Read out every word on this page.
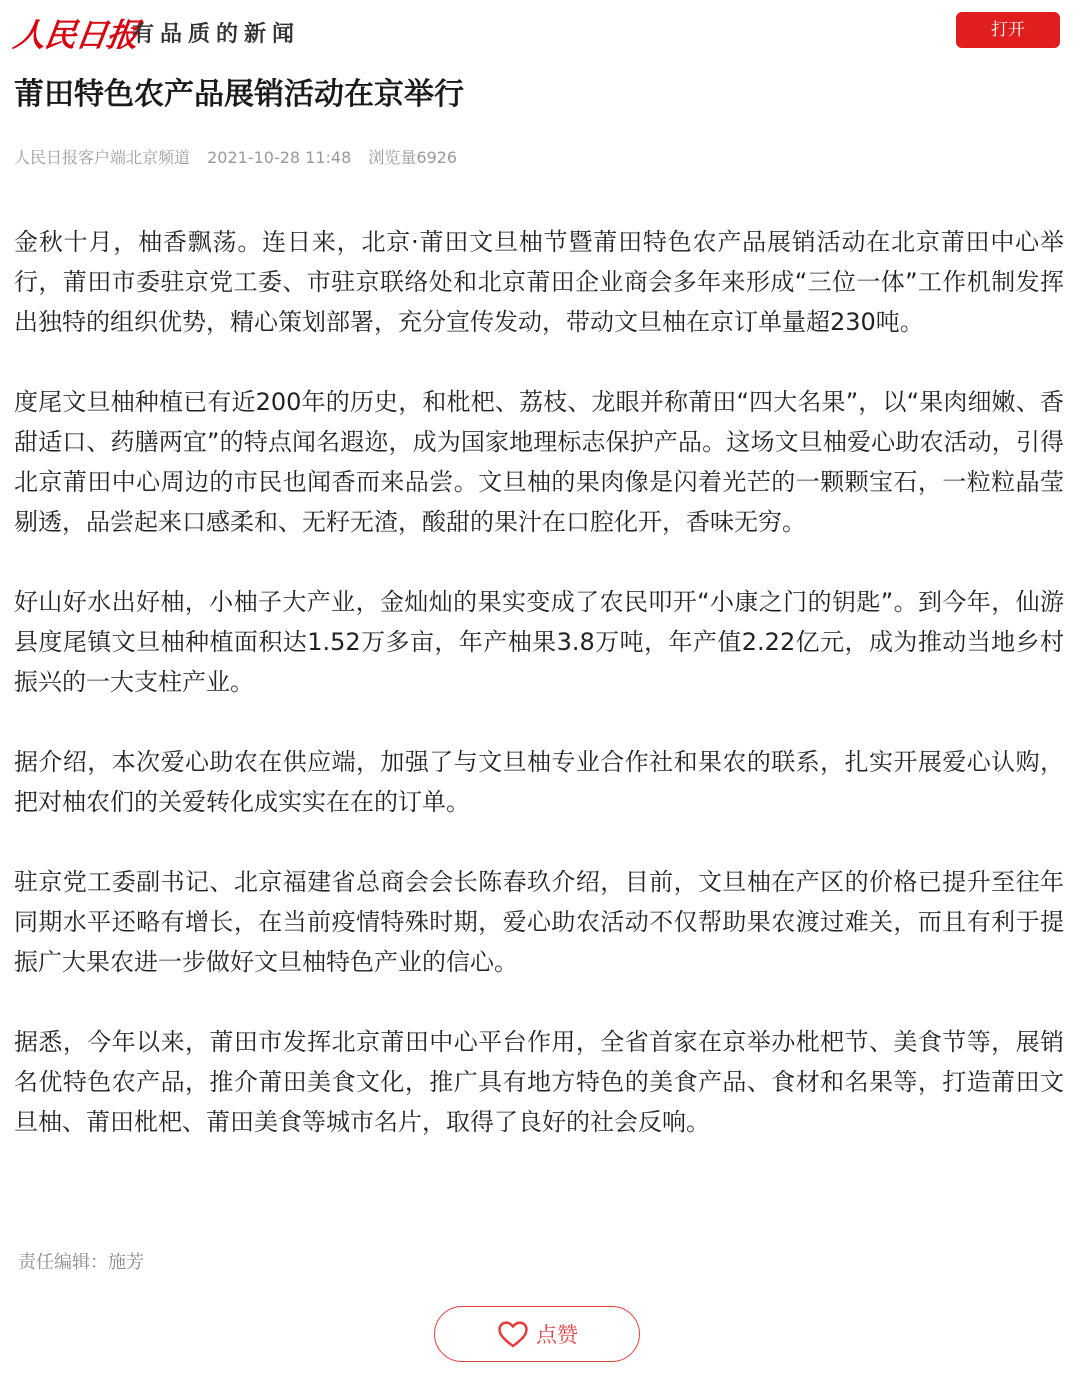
人民日报
有品质的新闻	打开
莆田特色农产品展销活动在京举行
人民日报客户端北京频道 2021-10-28 11:48 浏览量6926

金秋十月，柚香飘荡。连日来，北京·莆田文旦柚节暨莆田特色农产品展销活动在北京莆田中心举行，莆田市委驻京党工委、市驻京联络处和北京莆田企业商会多年来形成“三位一体”工作机制发挥出独特的组织优势，精心策划部署，充分宣传发动，带动文旦柚在京订单量超230吨。

度尾文旦柚种植已有近200年的历史，和枇杷、荔枝、龙眼并称莆田“四大名果”，以“果肉细嫩、香甜适口、药膳两宜”的特点闻名遐迩，成为国家地理标志保护产品。这场文旦柚爱心助农活动，引得北京莆田中心周边的市民也闻香而来品尝。文旦柚的果肉像是闪着光芒的一颗颗宝石，一粒粒晶莹剔透，品尝起来口感柔和、无籽无渣，酸甜的果汁在口腔化开，香味无穷。

好山好水出好柚，小柚子大产业，金灿灿的果实变成了农民叩开“小康之门的钥匙”。到今年，仙游县度尾镇文旦柚种植面积达1.52万多亩，年产柚果3.8万吨，年产值2.22亿元，成为推动当地乡村振兴的一大支柱产业。

据介绍，本次爱心助农在供应端，加强了与文旦柚专业合作社和果农的联系，扎实开展爱心认购，把对柚农们的关爱转化成实实在在的订单。

驻京党工委副书记、北京福建省总商会会长陈春玖介绍，目前，文旦柚在产区的价格已提升至往年同期水平还略有增长，在当前疫情特殊时期，爱心助农活动不仅帮助果农渡过难关，而且有利于提振广大果农进一步做好文旦柚特色产业的信心。

据悉，今年以来，莆田市发挥北京莆田中心平台作用，全省首家在京举办枇杷节、美食节等，展销名优特色农产品，推介莆田美食文化，推广具有地方特色的美食产品、食材和名果等，打造莆田文旦柚、莆田枇杷、莆田美食等城市名片，取得了良好的社会反响。

责任编辑：施芳
点赞
